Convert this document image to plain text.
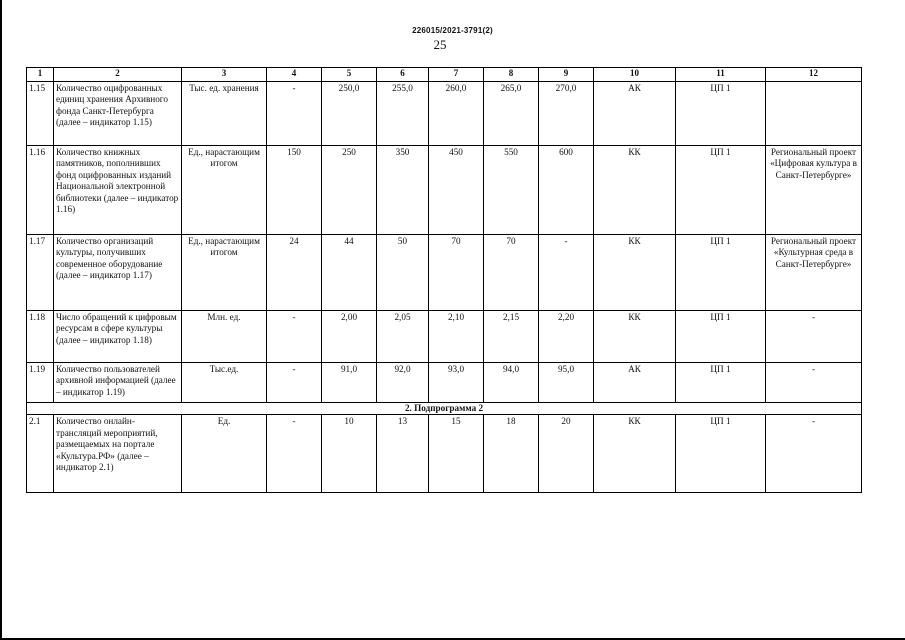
226015/2021-3791(2)
25
1	2	3	4	5	6	7	8	9	10	11	12
1.15	Количество оцифрованных единиц хранения Архивного фонда Санкт-Петербурга (далее – индикатор 1.15)	Тыс. ед. хранения	-	250,0	255,0	260,0	265,0	270,0	АК	ЦП 1	
1.16	Количество книжных памятников, пополнивших фонд оцифрованных изданий Национальной электронной библиотеки (далее – индикатор 1.16)	Ед., нарастающим итогом	150	250	350	450	550	600	КК	ЦП 1	Региональный проект «Цифровая культура в Санкт-Петербурге»
1.17	Количество организаций культуры, получивших современное оборудование (далее – индикатор 1.17)	Ед., нарастающим итогом	24	44	50	70	70	-	КК	ЦП 1	Региональный проект «Культурная среда в Санкт-Петербурге»
1.18	Число обращений к цифровым ресурсам в сфере культуры (далее – индикатор 1.18)	Млн. ед.	-	2,00	2,05	2,10	2,15	2,20	КК	ЦП 1	-
1.19	Количество пользователей архивной информацией (далее – индикатор 1.19)	Тыс.ед.	-	91,0	92,0	93,0	94,0	95,0	АК	ЦП 1	-
2. Подпрограмма 2											
2.1	Количество онлайн-трансляций мероприятий, размещаемых на портале «Культура.РФ» (далее – индикатор 2.1)	Ед.	-	10	13	15	18	20	КК	ЦП 1	-
